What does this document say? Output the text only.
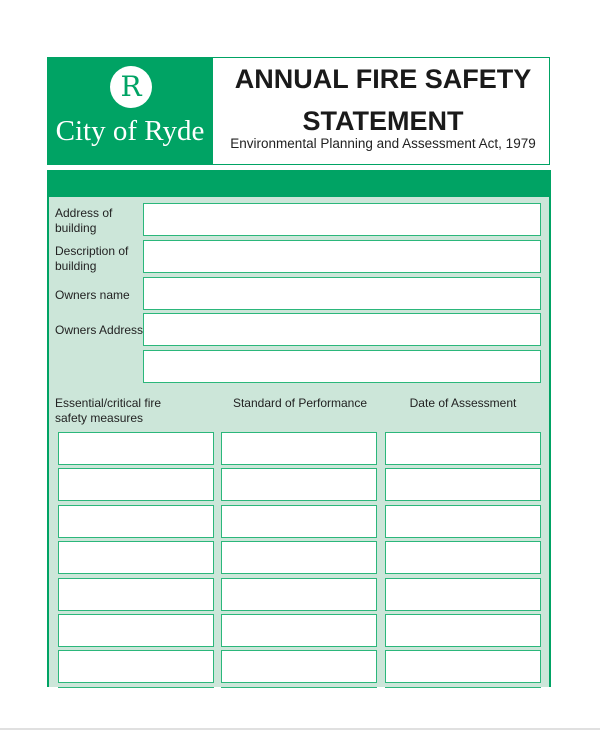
R
City of Ryde
ANNUAL FIRE SAFETY
STATEMENT
Environmental Planning and Assessment Act, 1979
Address of building
Description of building
Owners name
Owners Address
Essential/critical fire safety measures
Standard of Performance	Date of Assessment
